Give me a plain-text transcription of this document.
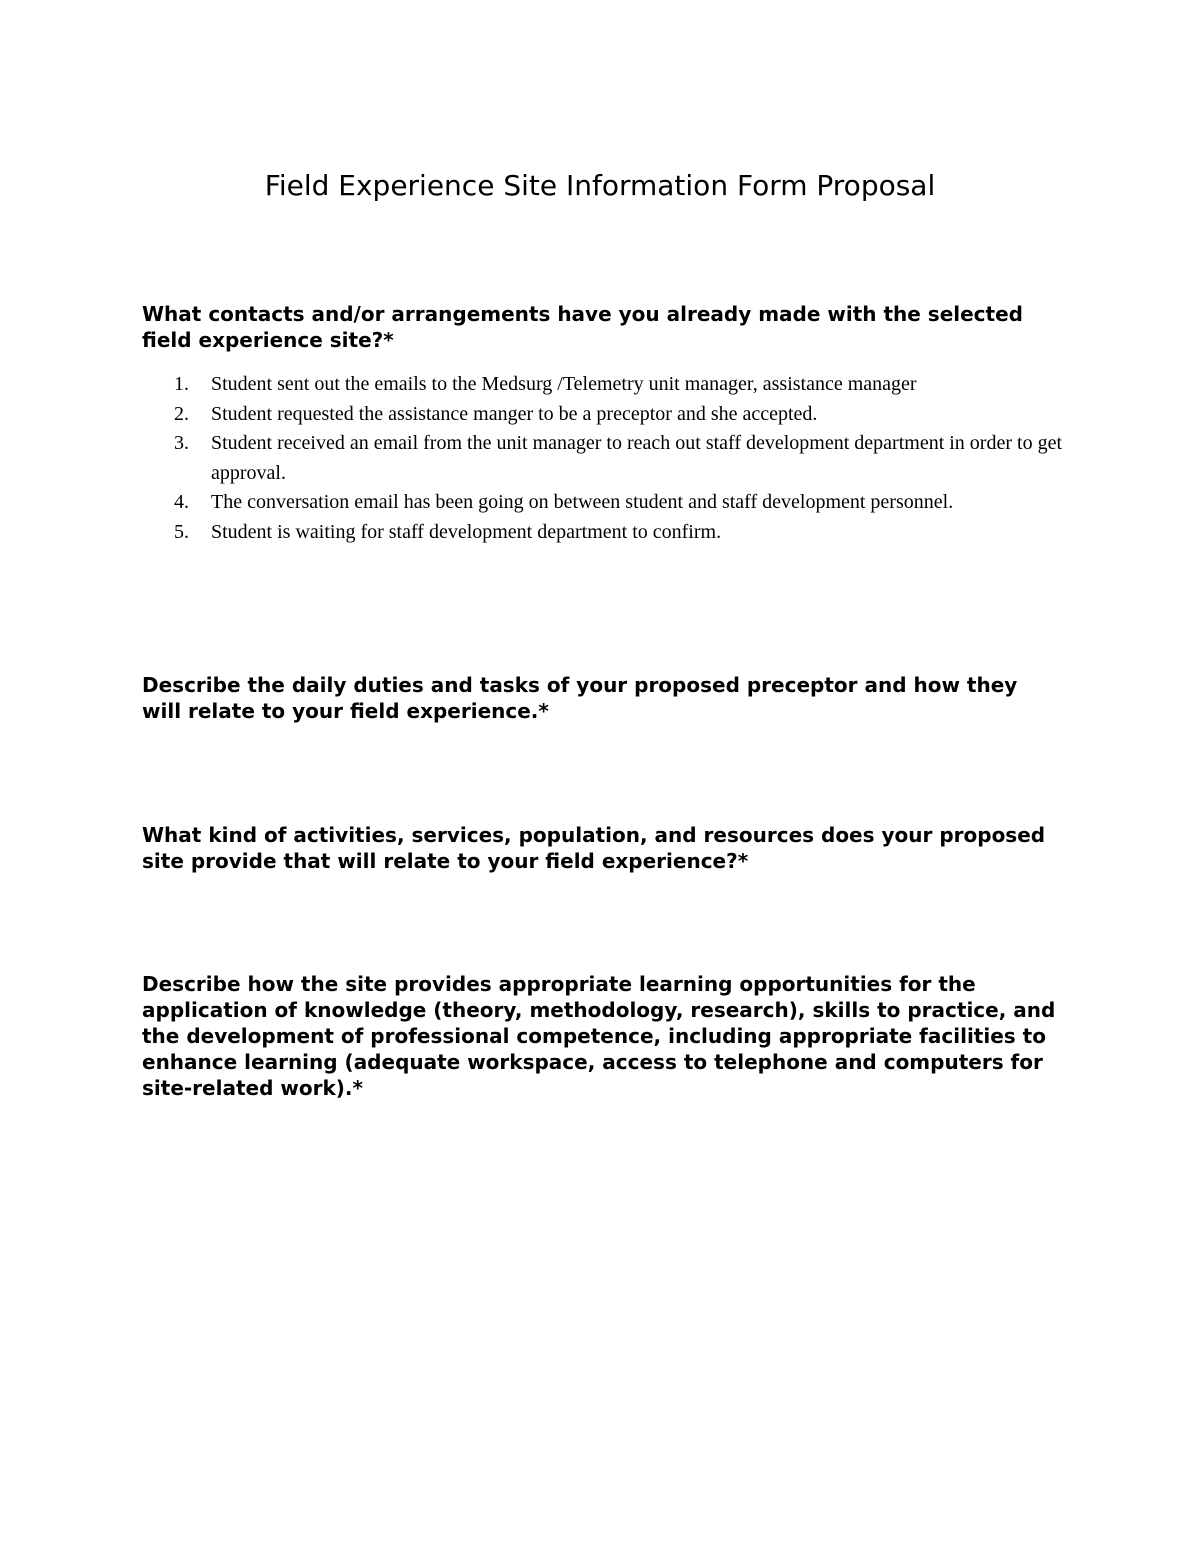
Field Experience Site Information Form Proposal

What contacts and/or arrangements have you already made with the selected field experience site?*

1. Student sent out the emails to the Medsurg /Telemetry unit manager, assistance manager
2. Student requested the assistance manger to be a preceptor and she accepted.
3. Student received an email from the unit manager to reach out staff development department in order to get approval.
4. The conversation email has been going on between student and staff development personnel.
5. Student is waiting for staff development department to confirm.

Describe the daily duties and tasks of your proposed preceptor and how they will relate to your field experience.*

What kind of activities, services, population, and resources does your proposed site provide that will relate to your field experience?*

Describe how the site provides appropriate learning opportunities for the application of knowledge (theory, methodology, research), skills to practice, and the development of professional competence, including appropriate facilities to enhance learning (adequate workspace, access to telephone and computers for site-related work).*
